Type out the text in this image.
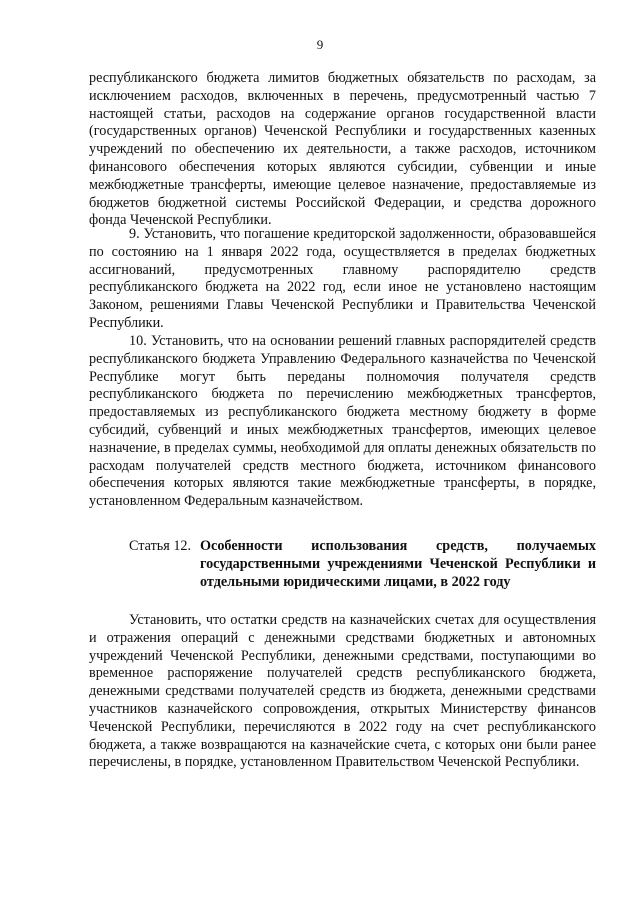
9

республиканского бюджета лимитов бюджетных обязательств по расходам, за исключением расходов, включенных в перечень, предусмотренный частью 7 настоящей статьи, расходов на содержание органов государственной власти (государственных органов) Чеченской Республики и государственных казенных учреждений по обеспечению их деятельности, а также расходов, источником финансового обеспечения которых являются субсидии, субвенции и иные межбюджетные трансферты, имеющие целевое назначение, предоставляемые из бюджетов бюджетной системы Российской Федерации, и средства дорожного фонда Чеченской Республики.

9. Установить, что погашение кредиторской задолженности, образовавшейся по состоянию на 1 января 2022 года, осуществляется в пределах бюджетных ассигнований, предусмотренных главному распорядителю средств республиканского бюджета на 2022 год, если иное не установлено настоящим Законом, решениями Главы Чеченской Республики и Правительства Чеченской Республики.

10. Установить, что на основании решений главных распорядителей средств республиканского бюджета Управлению Федерального казначейства по Чеченской Республике могут быть переданы полномочия получателя средств республиканского бюджета по перечислению межбюджетных трансфертов, предоставляемых из республиканского бюджета местному бюджету в форме субсидий, субвенций и иных межбюджетных трансфертов, имеющих целевое назначение, в пределах суммы, необходимой для оплаты денежных обязательств по расходам получателей средств местного бюджета, источником финансового обеспечения которых являются такие межбюджетные трансферты, в порядке, установленном Федеральным казначейством.

Статья 12. Особенности использования средств, получаемых государственными учреждениями Чеченской Республики и отдельными юридическими лицами, в 2022 году

Установить, что остатки средств на казначейских счетах для осуществления и отражения операций с денежными средствами бюджетных и автономных учреждений Чеченской Республики, денежными средствами, поступающими во временное распоряжение получателей средств республиканского бюджета, денежными средствами получателей средств из бюджета, денежными средствами участников казначейского сопровождения, открытых Министерству финансов Чеченской Республики, перечисляются в 2022 году на счет республиканского бюджета, а также возвращаются на казначейские счета, с которых они были ранее перечислены, в порядке, установленном Правительством Чеченской Республики.
